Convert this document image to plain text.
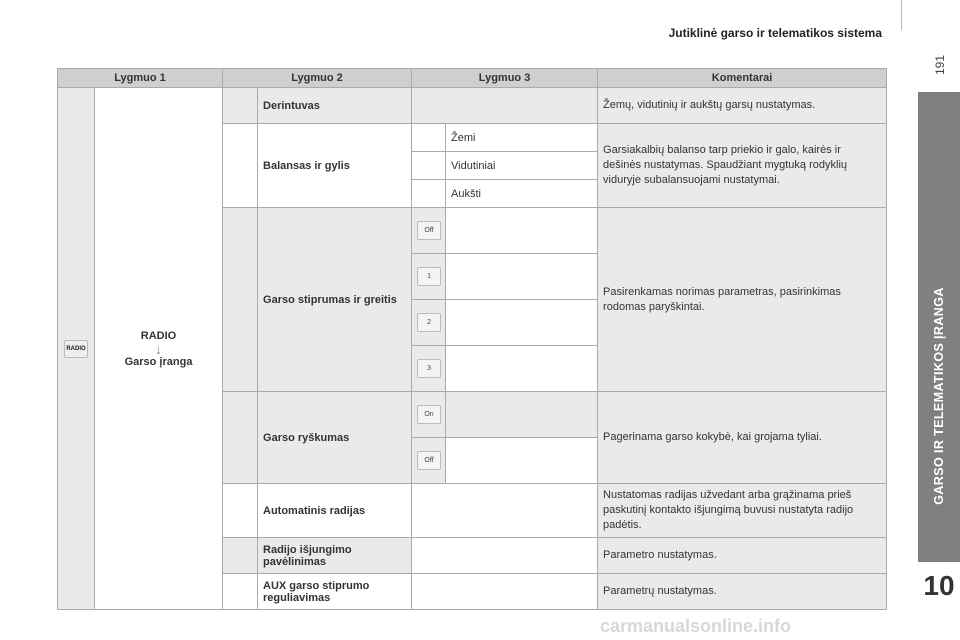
Jutiklinė garso ir telematikos sistema
191
GARSO IR TELEMATIKOS ĮRANGA
10
Lygmuo 1		Lygmuo 2		Lygmuo 3		Komentarai
RADIO	RADIO
↓
Garso įranga		Derintuvas			Žemų, vidutinių ir aukštų garsų nustatymas.
			Balansas ir gylis		Žemi	Garsiakalbių balanso tarp priekio ir galo, kairės ir dešinės nustatymas. Spaudžiant mygtuką rodyklių viduryje subalansuojami nustatymai.
					Vidutiniai	
					Aukšti	
			Garso stiprumas ir greitis	Off		Pasirenkamas norimas parametras, pasirinkimas rodomas paryškintai.
				1		
				2		
				3		
			Garso ryškumas	On		Pagerinama garso kokybė, kai grojama tyliai.
				Off		
			Automatinis radijas			Nustatomas radijas užvedant arba grąžinama prieš paskutinį kontakto išjungimą buvusi nustatyta radijo padėtis.
			Radijo išjungimo pavėlinimas			Parametro nustatymas.
			AUX garso stiprumo reguliavimas			Parametrų nustatymas.
carmanualsonline.info
